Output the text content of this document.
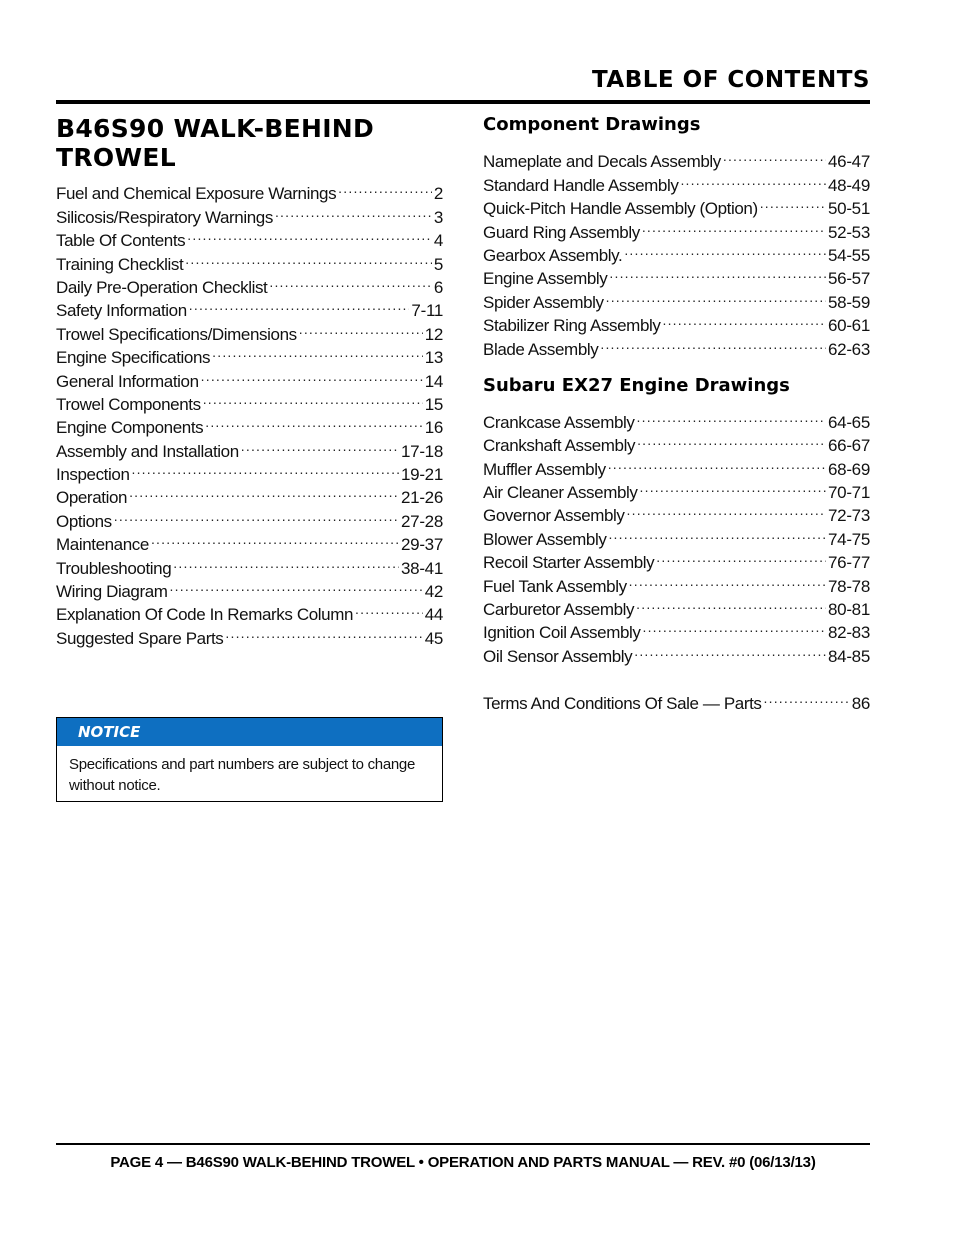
TABLE OF CONTENTS
B46S90 WALK-BEHIND TROWEL
Fuel and Chemical Exposure Warnings .....	2
Silicosis/Respiratory Warnings .....	3
Table Of Contents .....	4
Training Checklist .....	5
Daily Pre-Operation Checklist .....	6
Safety Information .....	7-11
Trowel Specifications/Dimensions .....	12
Engine Specifications .....	13
General Information .....	14
Trowel Components .....	15
Engine Components .....	16
Assembly and Installation .....	17-18
Inspection .....	19-21
Operation .....	21-26
Options .....	27-28
Maintenance .....	29-37
Troubleshooting .....	38-41
Wiring Diagram .....	42
Explanation Of Code In Remarks Column .....	44
Suggested Spare Parts .....	45
NOTICE
Specifications and part numbers are subject to change without notice.
Component Drawings
Nameplate and Decals Assembly .....	46-47
Standard Handle Assembly .....	48-49
Quick-Pitch Handle Assembly (Option) .....	50-51
Guard Ring Assembly .....	52-53
Gearbox Assembly. .....	54-55
Engine Assembly .....	56-57
Spider Assembly .....	58-59
Stabilizer Ring Assembly .....	60-61
Blade Assembly .....	62-63
Subaru EX27 Engine Drawings
Crankcase Assembly .....	64-65
Crankshaft Assembly .....	66-67
Muffler Assembly .....	68-69
Air Cleaner Assembly .....	70-71
Governor Assembly .....	72-73
Blower Assembly .....	74-75
Recoil Starter Assembly .....	76-77
Fuel Tank Assembly .....	78-78
Carburetor Assembly .....	80-81
Ignition Coil Assembly .....	82-83
Oil Sensor Assembly .....	84-85
Terms And Conditions Of Sale — Parts .....	86
PAGE 4 — B46S90 WALK-BEHIND TROWEL • OPERATION AND PARTS MANUAL — REV. #0 (06/13/13)
